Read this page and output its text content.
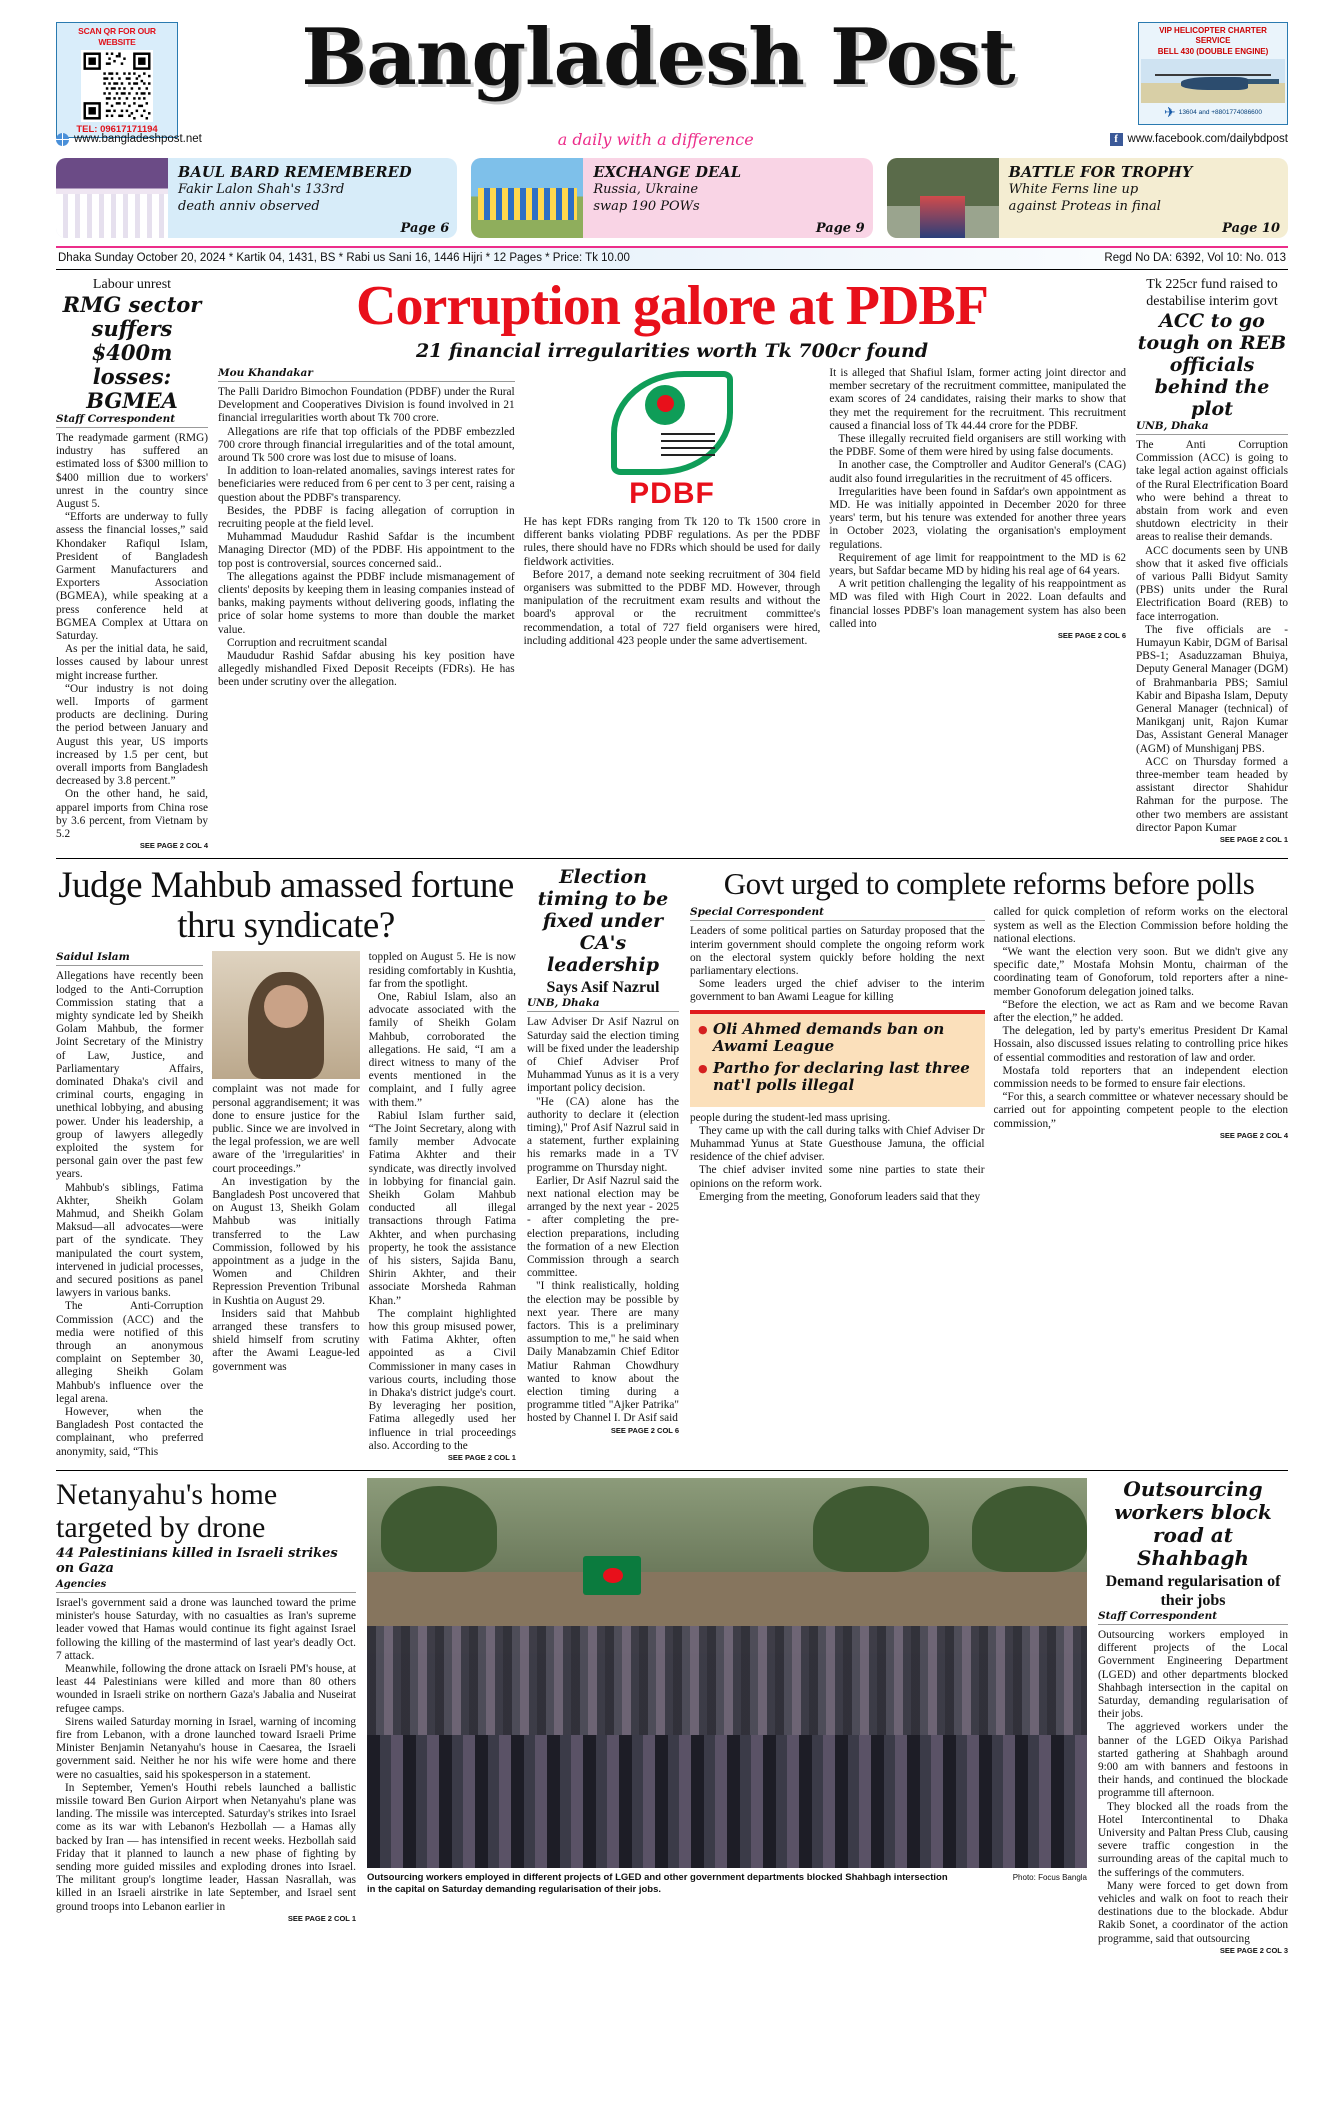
SCAN QR FOR OUR WEBSITE
TEL: 09617171194
Bangladesh Post	VIP HELICOPTER CHARTER SERVICE
BELL 430 (DOUBLE ENGINE)
✈ 13604 and +8801774086600
www.bangladeshpost.net	a daily with a difference	f www.facebook.com/dailybdpost
BAUL BARD REMEMBERED
Fakir Lalon Shah's 133rd
death anniv observed
Page 6
EXCHANGE DEAL
Russia, Ukraine
swap 190 POWs
Page 9
BATTLE FOR TROPHY
White Ferns line up
against Proteas in final
Page 10
Dhaka Sunday October 20, 2024 * Kartik 04, 1431, BS * Rabi us Sani 16, 1446 Hijri * 12 Pages * Price: Tk 10.00	Regd No DA: 6392, Vol 10: No. 013
Labour unrest
RMG sector suffers $400m losses: BGMEA
Staff Correspondent

The readymade garment (RMG) industry has suffered an estimated loss of $300 million to $400 million due to workers' unrest in the country since August 5.

“Efforts are underway to fully assess the financial losses,” said Khondaker Rafiqul Islam, President of Bangladesh Garment Manufacturers and Exporters Association (BGMEA), while speaking at a press conference held at BGMEA Complex at Uttara on Saturday.

As per the initial data, he said, losses caused by labour unrest might increase further.

“Our industry is not doing well. Imports of garment products are declining. During the period between January and August this year, US imports increased by 1.5 per cent, but overall imports from Bangladesh decreased by 3.8 percent.”

On the other hand, he said, apparel imports from China rose by 3.6 percent, from Vietnam by 5.2

SEE PAGE 2 COL 4
Corruption galore at PDBF
21 financial irregularities worth Tk 700cr found
Mou Khandakar

The Palli Daridro Bimochon Foundation (PDBF) under the Rural Development and Cooperatives Division is found involved in 21 financial irregularities worth about Tk 700 crore.

Allegations are rife that top officials of the PDBF embezzled 700 crore through financial irregularities and of the total amount, around Tk 500 crore was lost due to misuse of loans.

In addition to loan-related anomalies, savings interest rates for beneficiaries were reduced from 6 per cent to 3 per cent, raising a question about the PDBF's transparency.

Besides, the PDBF is facing allegation of corruption in recruiting people at the field level.

Muhammad Maududur Rashid Safdar is the incumbent Managing Director (MD) of the PDBF. His appointment to the top post is controversial, sources concerned said..

The allegations against the PDBF include mismanagement of clients' deposits by keeping them in leasing companies instead of banks, making payments without delivering goods, inflating the price of solar home systems to more than double the market value.

Corruption and recruitment scandal

Maududur Rashid Safdar abusing his key position have allegedly mishandled Fixed Deposit Receipts (FDRs). He has been under scrutiny over the allegation.

PDBF

He has kept FDRs ranging from Tk 120 to Tk 1500 crore in different banks violating PDBF regulations. As per the PDBF rules, there should have no FDRs which should be used for daily fieldwork activities.

Before 2017, a demand note seeking recruitment of 304 field organisers was submitted to the PDBF MD. However, through manipulation of the recruitment exam results and without the board's approval or the recruitment committee's recommendation, a total of 727 field organisers were hired, including additional 423 people under the same advertisement.

It is alleged that Shafiul Islam, former acting joint director and member secretary of the recruitment committee, manipulated the exam scores of 24 candidates, raising their marks to show that they met the requirement for the recruitment. This recruitment caused a financial loss of Tk 44.44 crore for the PDBF.

These illegally recruited field organisers are still working with the PDBF. Some of them were hired by using false documents.

In another case, the Comptroller and Auditor General's (CAG) audit also found irregularities in the recruitment of 45 officers.

Irregularities have been found in Safdar's own appointment as MD. He was initially appointed in December 2020 for three years' term, but his tenure was extended for another three years in October 2023, violating the organisation's employment regulations.

Requirement of age limit for reappointment to the MD is 62 years, but Safdar became MD by hiding his real age of 64 years.

A writ petition challenging the legality of his reappointment as MD was filed with High Court in 2022. Loan defaults and financial losses PDBF's loan management system has also been called into

SEE PAGE 2 COL 6
Tk 225cr fund raised to destabilise interim govt
ACC to go tough on REB officials behind the plot
UNB, Dhaka

The Anti Corruption Commission (ACC) is going to take legal action against officials of the Rural Electrification Board who were behind a threat to abstain from work and even shutdown electricity in their areas to realise their demands.

ACC documents seen by UNB show that it asked five officials of various Palli Bidyut Samity (PBS) units under the Rural Electrification Board (REB) to face interrogation.

The five officials are - Humayun Kabir, DGM of Barisal PBS-1; Asaduzzaman Bhuiya, Deputy General Manager (DGM) of Brahmanbaria PBS; Samiul Kabir and Bipasha Islam, Deputy General Manager (technical) of Manikganj unit, Rajon Kumar Das, Assistant General Manager (AGM) of Munshiganj PBS.

ACC on Thursday formed a three-member team headed by assistant director Shahidur Rahman for the purpose. The other two members are assistant director Papon Kumar

SEE PAGE 2 COL 1
Judge Mahbub amassed fortune thru syndicate?
Saidul Islam

Allegations have recently been lodged to the Anti-Corruption Commission stating that a mighty syndicate led by Sheikh Golam Mahbub, the former Joint Secretary of the Ministry of Law, Justice, and Parliamentary Affairs, dominated Dhaka's civil and criminal courts, engaging in unethical lobbying, and abusing power. Under his leadership, a group of lawyers allegedly exploited the system for personal gain over the past few years.

Mahbub's siblings, Fatima Akhter, Sheikh Golam Mahmud, and Sheikh Golam Maksud—all advocates—were part of the syndicate. They manipulated the court system, intervened in judicial processes, and secured positions as panel lawyers in various banks.

The Anti-Corruption Commission (ACC) and the media were notified of this through an anonymous complaint on September 30, alleging Sheikh Golam Mahbub's influence over the legal arena.

However, when the Bangladesh Post contacted the complainant, who preferred anonymity, said, “This

complaint was not made for personal aggrandisement; it was done to ensure justice for the public. Since we are involved in the legal profession, we are well aware of the 'irregularities' in court proceedings.”

An investigation by the Bangladesh Post uncovered that on August 13, Sheikh Golam Mahbub was initially transferred to the Law Commission, followed by his appointment as a judge in the Women and Children Repression Prevention Tribunal in Kushtia on August 29.

Insiders said that Mahbub arranged these transfers to shield himself from scrutiny after the Awami League-led government was

toppled on August 5. He is now residing comfortably in Kushtia, far from the spotlight.

One, Rabiul Islam, also an advocate associated with the family of Sheikh Golam Mahbub, corroborated the allegations. He said, “I am a direct witness to many of the events mentioned in the complaint, and I fully agree with them.”

Rabiul Islam further said, “The Joint Secretary, along with family member Advocate Fatima Akhter and their syndicate, was directly involved in lobbying for financial gain. Sheikh Golam Mahbub conducted all illegal transactions through Fatima Akhter, and when purchasing property, he took the assistance of his sisters, Sajida Banu, Shirin Akhter, and their associate Morsheda Rahman Khan.”

The complaint highlighted how this group misused power, with Fatima Akhter, often appointed as a Civil Commissioner in many cases in various courts, including those in Dhaka's district judge's court. By leveraging her position, Fatima allegedly used her influence in trial proceedings also. According to the

SEE PAGE 2 COL 1
Election timing to be fixed under CA's leadership
Says Asif Nazrul
UNB, Dhaka

Law Adviser Dr Asif Nazrul on Saturday said the election timing will be fixed under the leadership of Chief Adviser Prof Muhammad Yunus as it is a very important policy decision.

"He (CA) alone has the authority to declare it (election timing)," Prof Asif Nazrul said in a statement, further explaining his remarks made in a TV programme on Thursday night.

Earlier, Dr Asif Nazrul said the next national election may be arranged by the next year - 2025 - after completing the pre-election preparations, including the formation of a new Election Commission through a search committee.

"I think realistically, holding the election may be possible by next year. There are many factors. This is a preliminary assumption to me," he said when Daily Manabzamin Chief Editor Matiur Rahman Chowdhury wanted to know about the election timing during a programme titled "Ajker Patrika" hosted by Channel I. Dr Asif said

SEE PAGE 2 COL 6
Govt urged to complete reforms before polls
Special Correspondent

Leaders of some political parties on Saturday proposed that the interim government should complete the ongoing reform work on the electoral system quickly before holding the next parliamentary elections.

Some leaders urged the chief adviser to the interim government to ban Awami League for killing

● Oli Ahmed demands ban on Awami League
● Partho for declaring last three nat'l polls illegal

people during the student-led mass uprising.

They came up with the call during talks with Chief Adviser Dr Muhammad Yunus at State Guesthouse Jamuna, the official residence of the chief adviser.

The chief adviser invited some nine parties to state their opinions on the reform work.

Emerging from the meeting, Gonoforum leaders said that they

called for quick completion of reform works on the electoral system as well as the Election Commission before holding the national elections.

“We want the election very soon. But we didn't give any specific date,” Mostafa Mohsin Montu, chairman of the coordinating team of Gonoforum, told reporters after a nine-member Gonoforum delegation joined talks.

“Before the election, we act as Ram and we become Ravan after the election,” he added.

The delegation, led by party's emeritus President Dr Kamal Hossain, also discussed issues relating to controlling price hikes of essential commodities and restoration of law and order.

Mostafa told reporters that an independent election commission needs to be formed to ensure fair elections.

“For this, a search committee or whatever necessary should be carried out for appointing competent people to the election commission,”

SEE PAGE 2 COL 4
Netanyahu's home targeted by drone
44 Palestinians killed in Israeli strikes on Gaza
Agencies

Israel's government said a drone was launched toward the prime minister's house Saturday, with no casualties as Iran's supreme leader vowed that Hamas would continue its fight against Israel following the killing of the mastermind of last year's deadly Oct. 7 attack.

Meanwhile, following the drone attack on Israeli PM's house, at least 44 Palestinians were killed and more than 80 others wounded in Israeli strike on northern Gaza's Jabalia and Nuseirat refugee camps.

Sirens wailed Saturday morning in Israel, warning of incoming fire from Lebanon, with a drone launched toward Israeli Prime Minister Benjamin Netanyahu's house in Caesarea, the Israeli government said. Neither he nor his wife were home and there were no casualties, said his spokesperson in a statement.

In September, Yemen's Houthi rebels launched a ballistic missile toward Ben Gurion Airport when Netanyahu's plane was landing. The missile was intercepted. Saturday's strikes into Israel come as its war with Lebanon's Hezbollah — a Hamas ally backed by Iran — has intensified in recent weeks. Hezbollah said Friday that it planned to launch a new phase of fighting by sending more guided missiles and exploding drones into Israel. The militant group's longtime leader, Hassan Nasrallah, was killed in an Israeli airstrike in late September, and Israel sent ground troops into Lebanon earlier in

SEE PAGE 2 COL 1
Outsourcing workers employed in different projects of LGED and other government departments blocked Shahbagh intersection in the capital on Saturday demanding regularisation of their jobs.
Photo: Focus Bangla
Outsourcing workers block road at Shahbagh
Demand regularisation of their jobs
Staff Correspondent

Outsourcing workers employed in different projects of the Local Government Engineering Department (LGED) and other departments blocked Shahbagh intersection in the capital on Saturday, demanding regularisation of their jobs.

The aggrieved workers under the banner of the LGED Oikya Parishad started gathering at Shahbagh around 9:00 am with banners and festoons in their hands, and continued the blockade programme till afternoon.

They blocked all the roads from the Hotel Intercontinental to Dhaka University and Paltan Press Club, causing severe traffic congestion in the surrounding areas of the capital much to the sufferings of the commuters.

Many were forced to get down from vehicles and walk on foot to reach their destinations due to the blockade. Abdur Rakib Sonet, a coordinator of the action programme, said that outsourcing

SEE PAGE 2 COL 3
